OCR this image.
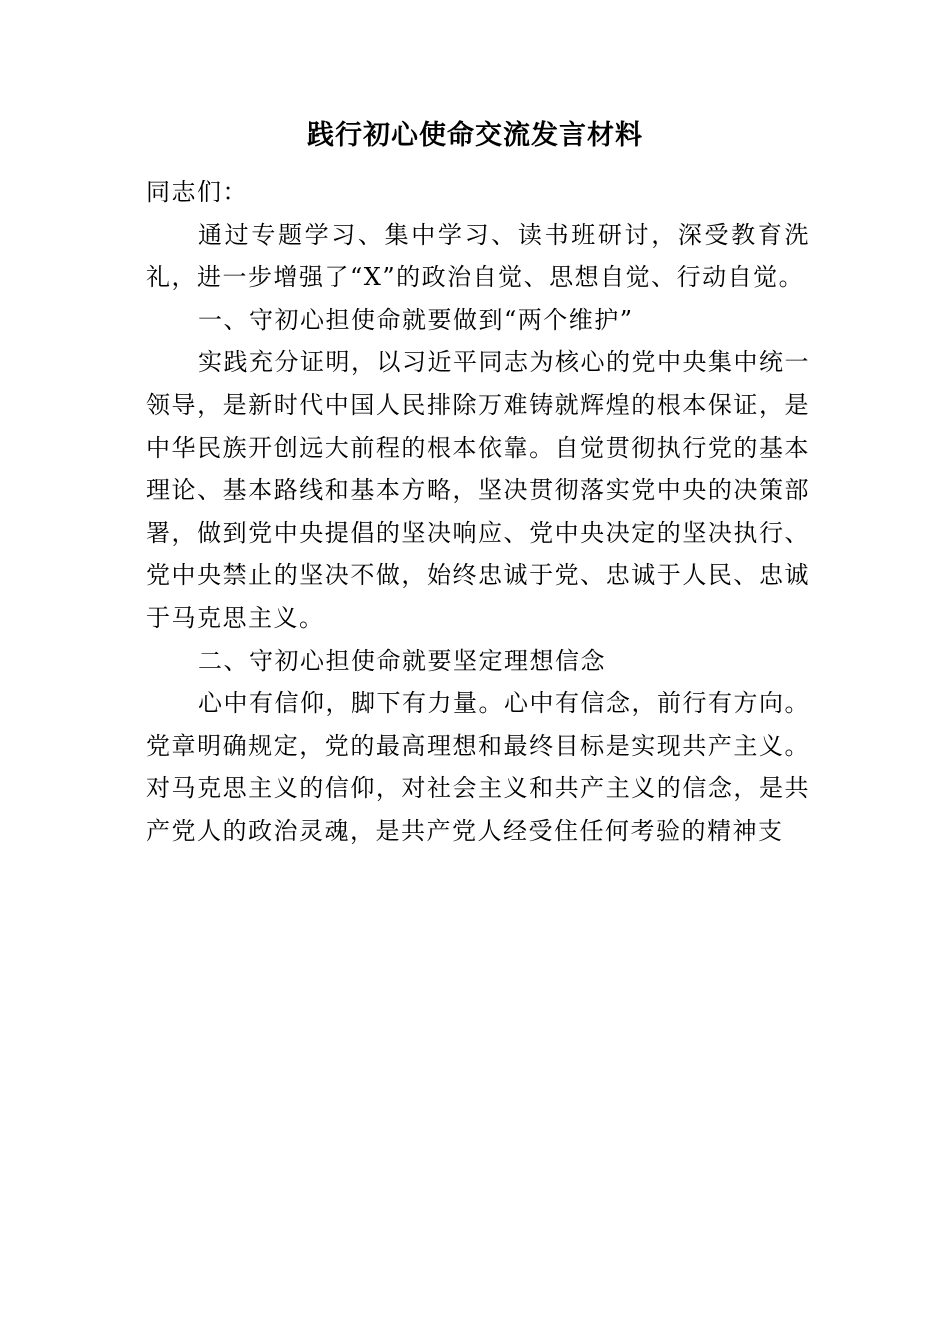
践行初心使命交流发言材料

同志们：

通过专题学习、集中学习、读书班研讨，深受教育洗礼，进一步增强了“X”的政治自觉、思想自觉、行动自觉。

一、守初心担使命就要做到“两个维护”

实践充分证明，以习近平同志为核心的党中央集中统一领导，是新时代中国人民排除万难铸就辉煌的根本保证，是中华民族开创远大前程的根本依靠。自觉贯彻执行党的基本理论、基本路线和基本方略，坚决贯彻落实党中央的决策部署，做到党中央提倡的坚决响应、党中央决定的坚决执行、党中央禁止的坚决不做，始终忠诚于党、忠诚于人民、忠诚于马克思主义。

二、守初心担使命就要坚定理想信念

心中有信仰，脚下有力量。心中有信念，前行有方向。党章明确规定，党的最高理想和最终目标是实现共产主义。对马克思主义的信仰，对社会主义和共产主义的信念，是共产党人的政治灵魂，是共产党人经受住任何考验的精神支
